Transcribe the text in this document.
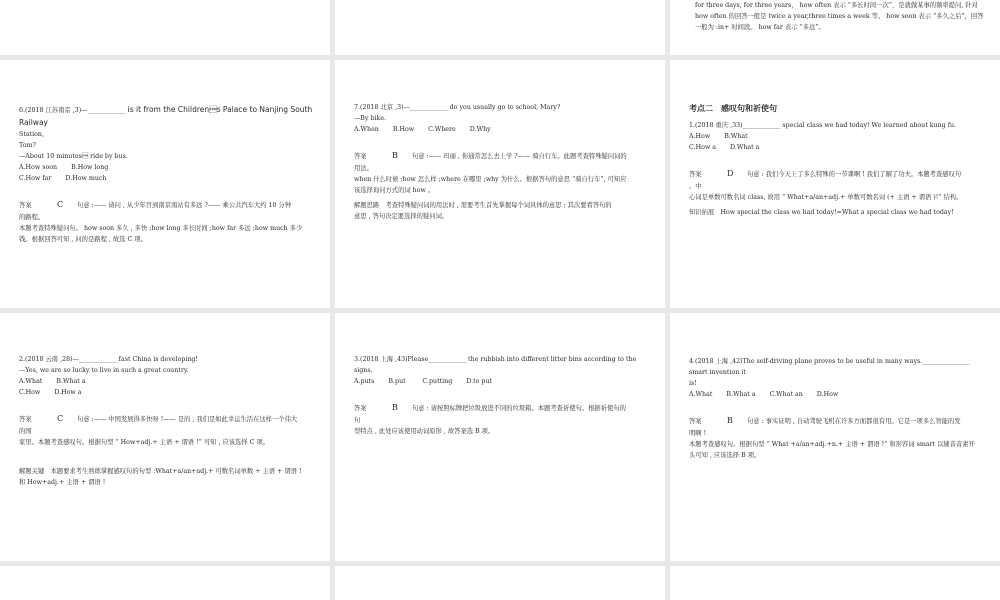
for three days, for three years， how often 表示 “多长时间一次”，是就做某事的频率提问, 针对
how often 的回答一般是 twice a year,three times a week 等。 how soon 表示 “多久之后”，回答
一般为 :in+ 时间段。 how far 表示 “多远”。
6.(2018 江苏南京 ,3)—____________ is it from the Childrens Palace to Nanjing South Railway
Station,
Tom?
—About 10 minutes ride by bus.
A.How soon B.How long
C.How far D.How much
答案	C 句意 :—— 请问 , 从少年宫到南京南站有多远 ?—— 乘公共汽车大约 10 分钟
的路程。
本题考查特殊疑问句。 how soon 多久 , 多快 ;how long 多长时间 ;how far 多远 ;how much 多少
钱。根据回答可知 , 问的是路程 , 故选 C 项。
7.(2018 北京 ,3)—____________ do you usually go to school, Mary?
—By bike.
A.When B.How C.Where D.Why
答案	B 句意 :—— 玛丽 , 你通常怎么去上学 ?—— 骑自行车。此题考查特殊疑问词的
用法。
when 什么时候 ;how 怎么样 ;where 在哪里 ;why 为什么。根据答句的意思 “骑自行车”, 可知应
该选择询问方式的词 how 。
解题思路　考查特殊疑问词的用法时 , 需要考生首先掌握每个词具体的意思 ; 其次要看答句的
意思 , 答句决定要选择的疑问词。
考点二　感叹句和祈使句
1.(2018 重庆 ,33)____________ special class we had today! We learned about kung fu.
A.How B.What
C.How a D.What a
答案	D 句意 : 我们今天上了多么特殊的一节课啊 ! 我们了解了功夫。本题考查感叹句
。中
心词是单数可数名词 class, 故用 “ What+a/an+adj.+ 单数可数名词 (+ 主语 + 谓语 )!” 结构。
知识拓展　How special the class we had today!=What a special class we had today!
2.(2018 云南 ,28)—____________ fast China is developing!
—Yes, we are so lucky to live in such a great country.
A.What B.What a
C.How D.How a
答案	C 句意 :—— 中国发展得多快呀 !—— 是的 , 我们是如此幸运生活在这样一个伟大
的国
家里。本题考查感叹句。根据句型 “ How+adj.+ 主语 + 谓语 !” 可知 , 应该选择 C 项。
解题关键　本题要求考生熟练掌握感叹句的句型 :What+a/an+adj.+ 可数名词单数 + 主语 + 谓语 !
和 How+adj.+ 主语 + 谓语 !
3.(2018 上海 ,43)Please____________ the rubbish into different litter bins according to the signs.
A.puts B.put	C.putting D.to put
答案	B 句意 : 请按照标牌把垃圾放进不同的垃圾箱。本题考查祈使句。根据祈使句的
句
型特点 , 此处应该使用动词原形 , 故答案选 B 项。
4.(2018 上海 ,42)The self-driving plane proves to be useful in many ways._______________ smart invention it
is!
A.What B.What a C.What an D.How
答案	B 句意 : 事实证明 , 自动驾驶飞机在许多方面都很有用。它是一项多么智能的发
明啊 !
本题考查感叹句。根据句型 “ What +a/an+adj.+n.+ 主语 + 谓语 !” 和形容词 smart 以辅音音素开
头可知 , 应该选择 B 项。
